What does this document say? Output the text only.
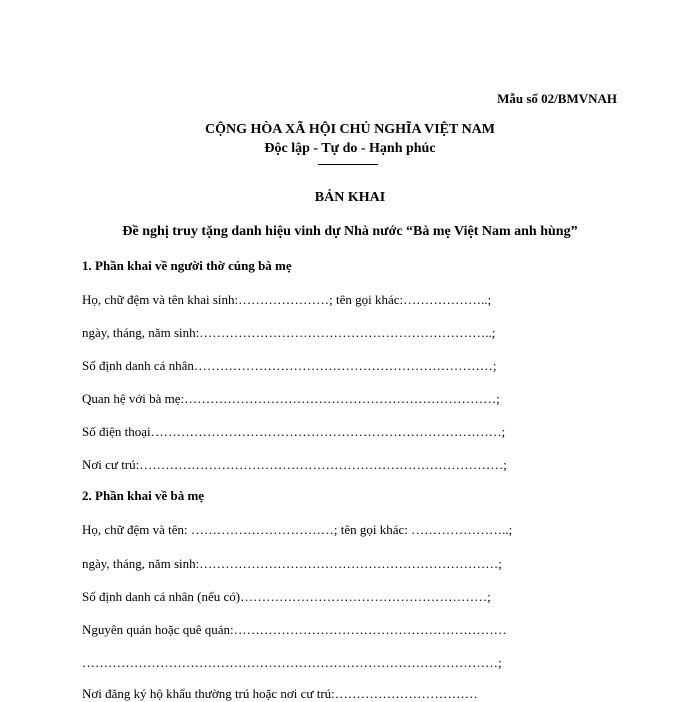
Mẫu số 02/BMVNAH
CỘNG HÒA XÃ HỘI CHỦ NGHĨA VIỆT NAM
Độc lập - Tự do - Hạnh phúc
BẢN KHAI
Đề nghị truy tặng danh hiệu vinh dự Nhà nước “Bà mẹ Việt Nam anh hùng”
1. Phần khai về người thờ cúng bà mẹ
Họ, chữ đệm và tên khai sinh:…………………; tên gọi khác:………………..;
ngày, tháng, năm sinh:…………………………………………………………..;
Số định danh cá nhân……………………………………………………………;
Quan hệ với bà mẹ:………………………………………………………………;
Số điện thoại………………………………………………………………………;
Nơi cư trú:…………………………………………………………………………;
2. Phần khai về bà mẹ
Họ, chữ đệm và tên: ……………………………; tên gọi khác: …………………..;
ngày, tháng, năm sinh:……………………………………………………………;
Số định danh cá nhân (nếu có)…………………………………………………;
Nguyên quán hoặc quê quán:………………………………………………………
……………………………………………………………………………………;
Nơi đăng ký hộ khẩu thường trú hoặc nơi cư trú:……………………………
